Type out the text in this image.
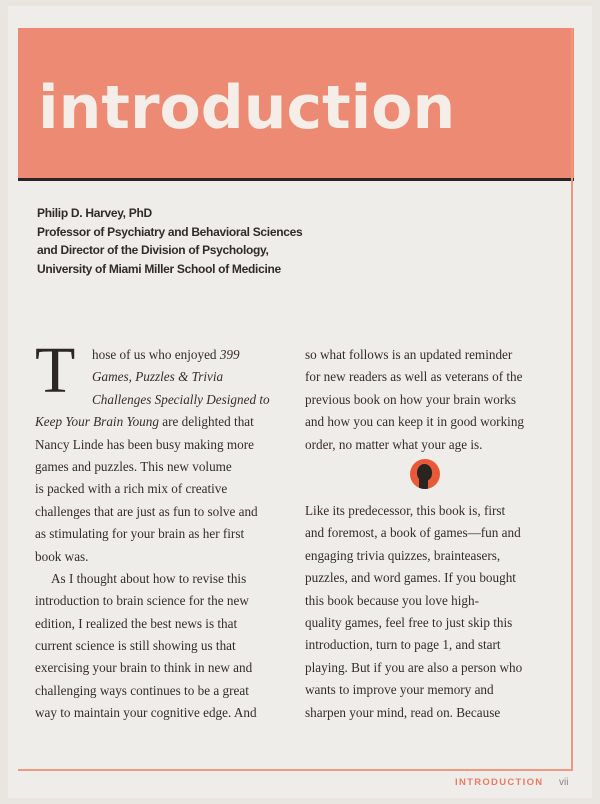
introduction
Philip D. Harvey, PhD
Professor of Psychiatry and Behavioral Sciences
and Director of the Division of Psychology,
University of Miami Miller School of Medicine
T	hose of us who enjoyed 399
Games, Puzzles & Trivia
Challenges Specially Designed to
Keep Your Brain Young are delighted that
Nancy Linde has been busy making more
games and puzzles. This new volume
is packed with a rich mix of creative
challenges that are just as fun to solve and
as stimulating for your brain as her first
book was.
As I thought about how to revise this
introduction to brain science for the new
edition, I realized the best news is that
current science is still showing us that
exercising your brain to think in new and
challenging ways continues to be a great
way to maintain your cognitive edge. And
so what follows is an updated reminder
for new readers as well as veterans of the
previous book on how your brain works
and how you can keep it in good working
order, no matter what your age is.
Like its predecessor, this book is, first
and foremost, a book of games—fun and
engaging trivia quizzes, brainteasers,
puzzles, and word games. If you bought
this book because you love high-
quality games, feel free to just skip this
introduction, turn to page 1, and start
playing. But if you are also a person who
wants to improve your memory and
sharpen your mind, read on. Because
INTRODUCTION vii
